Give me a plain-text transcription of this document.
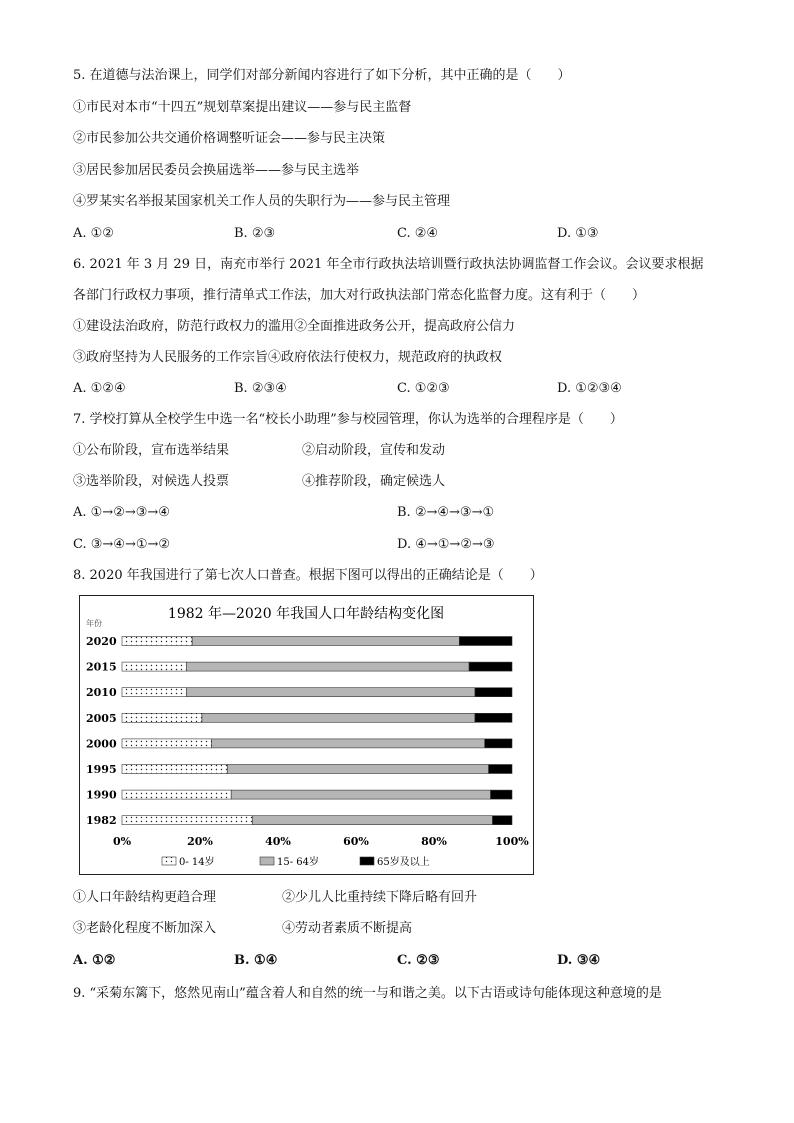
5. 在道德与法治课上，同学们对部分新闻内容进行了如下分析，其中正确的是（　　）
①市民对本市“十四五”规划草案提出建议——参与民主监督
②市民参加公共交通价格调整听证会——参与民主决策
③居民参加居民委员会换届选举——参与民主选举
④罗某实名举报某国家机关工作人员的失职行为——参与民主管理
A. ①②	B. ②③	C. ②④	D. ①③
6. 2021 年 3 月 29 日，南充市举行 2021 年全市行政执法培训暨行政执法协调监督工作会议。会议要求根据
各部门行政权力事项，推行清单式工作法，加大对行政执法部门常态化监督力度。这有利于（　　）
①建设法治政府，防范行政权力的滥用②全面推进政务公开，提高政府公信力
③政府坚持为人民服务的工作宗旨④政府依法行使权力，规范政府的执政权
A. ①②④	B. ②③④	C. ①②③	D. ①②③④
7. 学校打算从全校学生中选一名“校长小助理”参与校园管理，你认为选举的合理程序是（　　）
①公布阶段，宣布选举结果	②启动阶段，宣传和发动
③选举阶段，对候选人投票	④推荐阶段，确定候选人
A. ①→②→③→④	B. ②→④→③→①
C. ③→④→①→②	D. ④→①→②→③
8. 2020 年我国进行了第七次人口普查。根据下图可以得出的正确结论是（　　）
1982 年—2020 年我国人口年龄结构变化图
年份
2020
2015
2010
2005
2000
1995
1990
1982
0%	20%	40%	60%	80%	100%
0- 14岁	15- 64岁	65岁及以上
①人口年龄结构更趋合理	②少儿人比重持续下降后略有回升
③老龄化程度不断加深入	④劳动者素质不断提高
A. ①②	B. ①④	C. ②③	D. ③④
9. “采菊东篱下，悠然见南山”蕴含着人和自然的统一与和谐之美。以下古语或诗句能体现这种意境的是
